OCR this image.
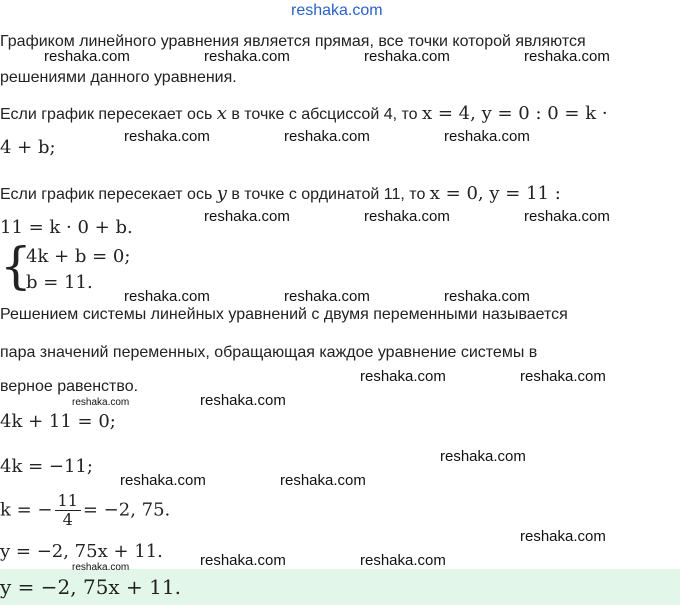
reshaka.com
Графиком линейного уравнения является прямая, все точки которой являются
решениями данного уравнения.
Если график пересекает ось x в точке с абсциссой 4, то x = 4, y = 0 : 0 = k ·
4 + b;
Если график пересекает ось y в точке с ординатой 11, то x = 0, y = 11 :
11 = k · 0 + b.
{
4k + b = 0;
b = 11.
Решением системы линейных уравнений с двумя переменными называется
пара значений переменных, обращающая каждое уравнение системы в
верное равенство.
4k + 11 = 0;
4k = −11;
k = − $\frac{11}{4} = -2$, 75.
y = −2, 75x + 11.
y = −2, 75x + 11.
reshaka.com	reshaka.com	reshaka.com	reshaka.com
reshaka.com	reshaka.com	reshaka.com
reshaka.com	reshaka.com	reshaka.com
reshaka.com	reshaka.com	reshaka.com
reshaka.com	reshaka.com
reshaka.com	reshaka.com
reshaka.com
reshaka.com	reshaka.com
reshaka.com
reshaka.com	reshaka.com
reshaka.com
